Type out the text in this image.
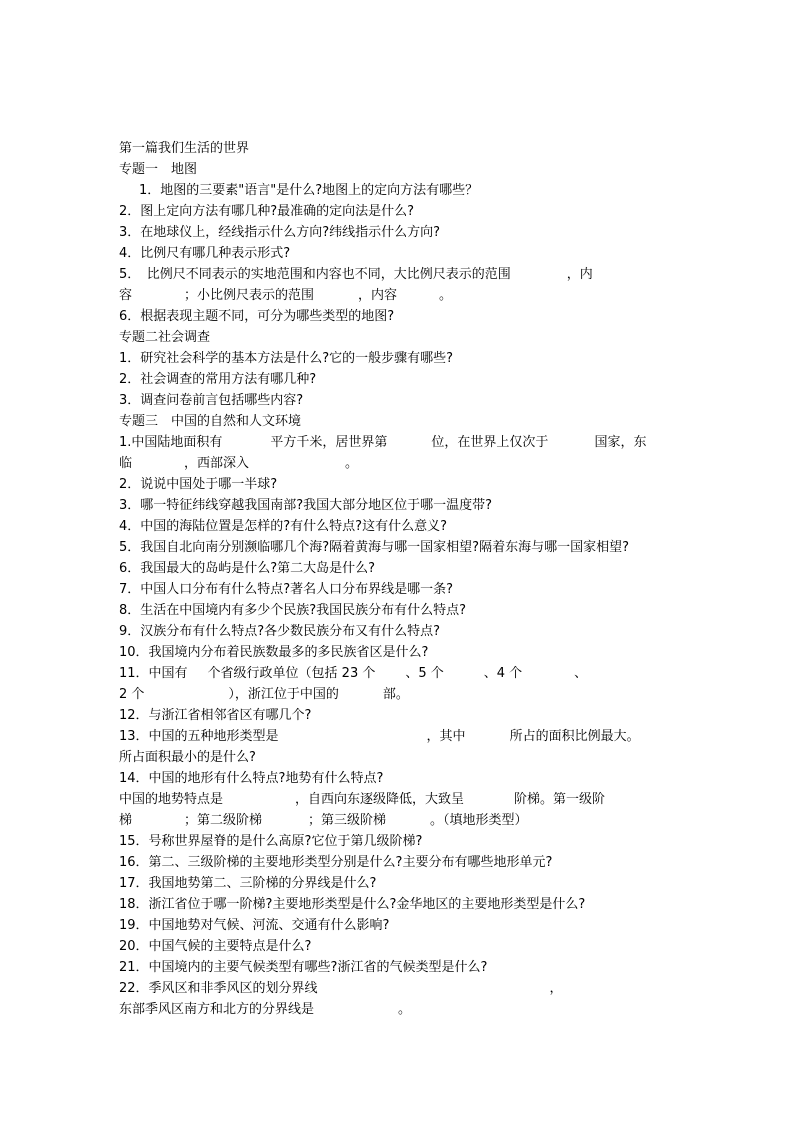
第一篇我们生活的世界
专题一　地图
1．地图的三要素"语言"是什么?地图上的定向方法有哪些？
2．图上定向方法有哪几种?最准确的定向法是什么?
3．在地球仪上，经线指示什么方向?纬线指示什么方向?
4．比例尺有哪几种表示形式?
5．　比例尺不同表示的实地范围和内容也不同，大比例尺表示的范围	，内
容	；小比例尺表示的范围	，内容	。
6．根据表现主题不同，可分为哪些类型的地图?
专题二社会调查
1．研究社会科学的基本方法是什么?它的一般步骤有哪些?
2．社会调查的常用方法有哪几种?
3．调查问卷前言包括哪些内容?
专题三　中国的自然和人文环境
1.中国陆地面积有	平方千米，居世界第	位，在世界上仅次于	国家，东
临	，西部深入	。
2．说说中国处于哪一半球?
3．哪一特征纬线穿越我国南部?我国大部分地区位于哪一温度带?
4．中国的海陆位置是怎样的?有什么特点?这有什么意义?
5．我国自北向南分别濒临哪几个海?隔着黄海与哪一国家相望?隔着东海与哪一国家相望?
6．我国最大的岛屿是什么?第二大岛是什么?
7．中国人口分布有什么特点?著名人口分布界线是哪一条?
8．生活在中国境内有多少个民族?我国民族分布有什么特点?
9．汉族分布有什么特点?各少数民族分布又有什么特点?
10．我国境内分布着民族数最多的多民族省区是什么?
11．中国有 个省级行政单位（包括 23 个 、5 个	、4 个	、
2 个	），浙江位于中国的	部。
12．与浙江省相邻省区有哪几个?
13．中国的五种地形类型是	，其中	所占的面积比例最大。
所占面积最小的是什么?
14．中国的地形有什么特点?地势有什么特点?
中国的地势特点是	，自西向东逐级降低，大致呈	阶梯。第一级阶
梯	；第二级阶梯	；第三级阶梯	。（填地形类型）
15．号称世界屋脊的是什么高原?它位于第几级阶梯?
16．第二、三级阶梯的主要地形类型分别是什么?主要分布有哪些地形单元?
17．我国地势第二、三阶梯的分界线是什么?
18．浙江省位于哪一阶梯?主要地形类型是什么?金华地区的主要地形类型是什么?
19．中国地势对气候、河流、交通有什么影响?
20．中国气候的主要特点是什么?
21．中国境内的主要气候类型有哪些?浙江省的气候类型是什么?
22．季风区和非季风区的划分界线	，
东部季风区南方和北方的分界线是	。
